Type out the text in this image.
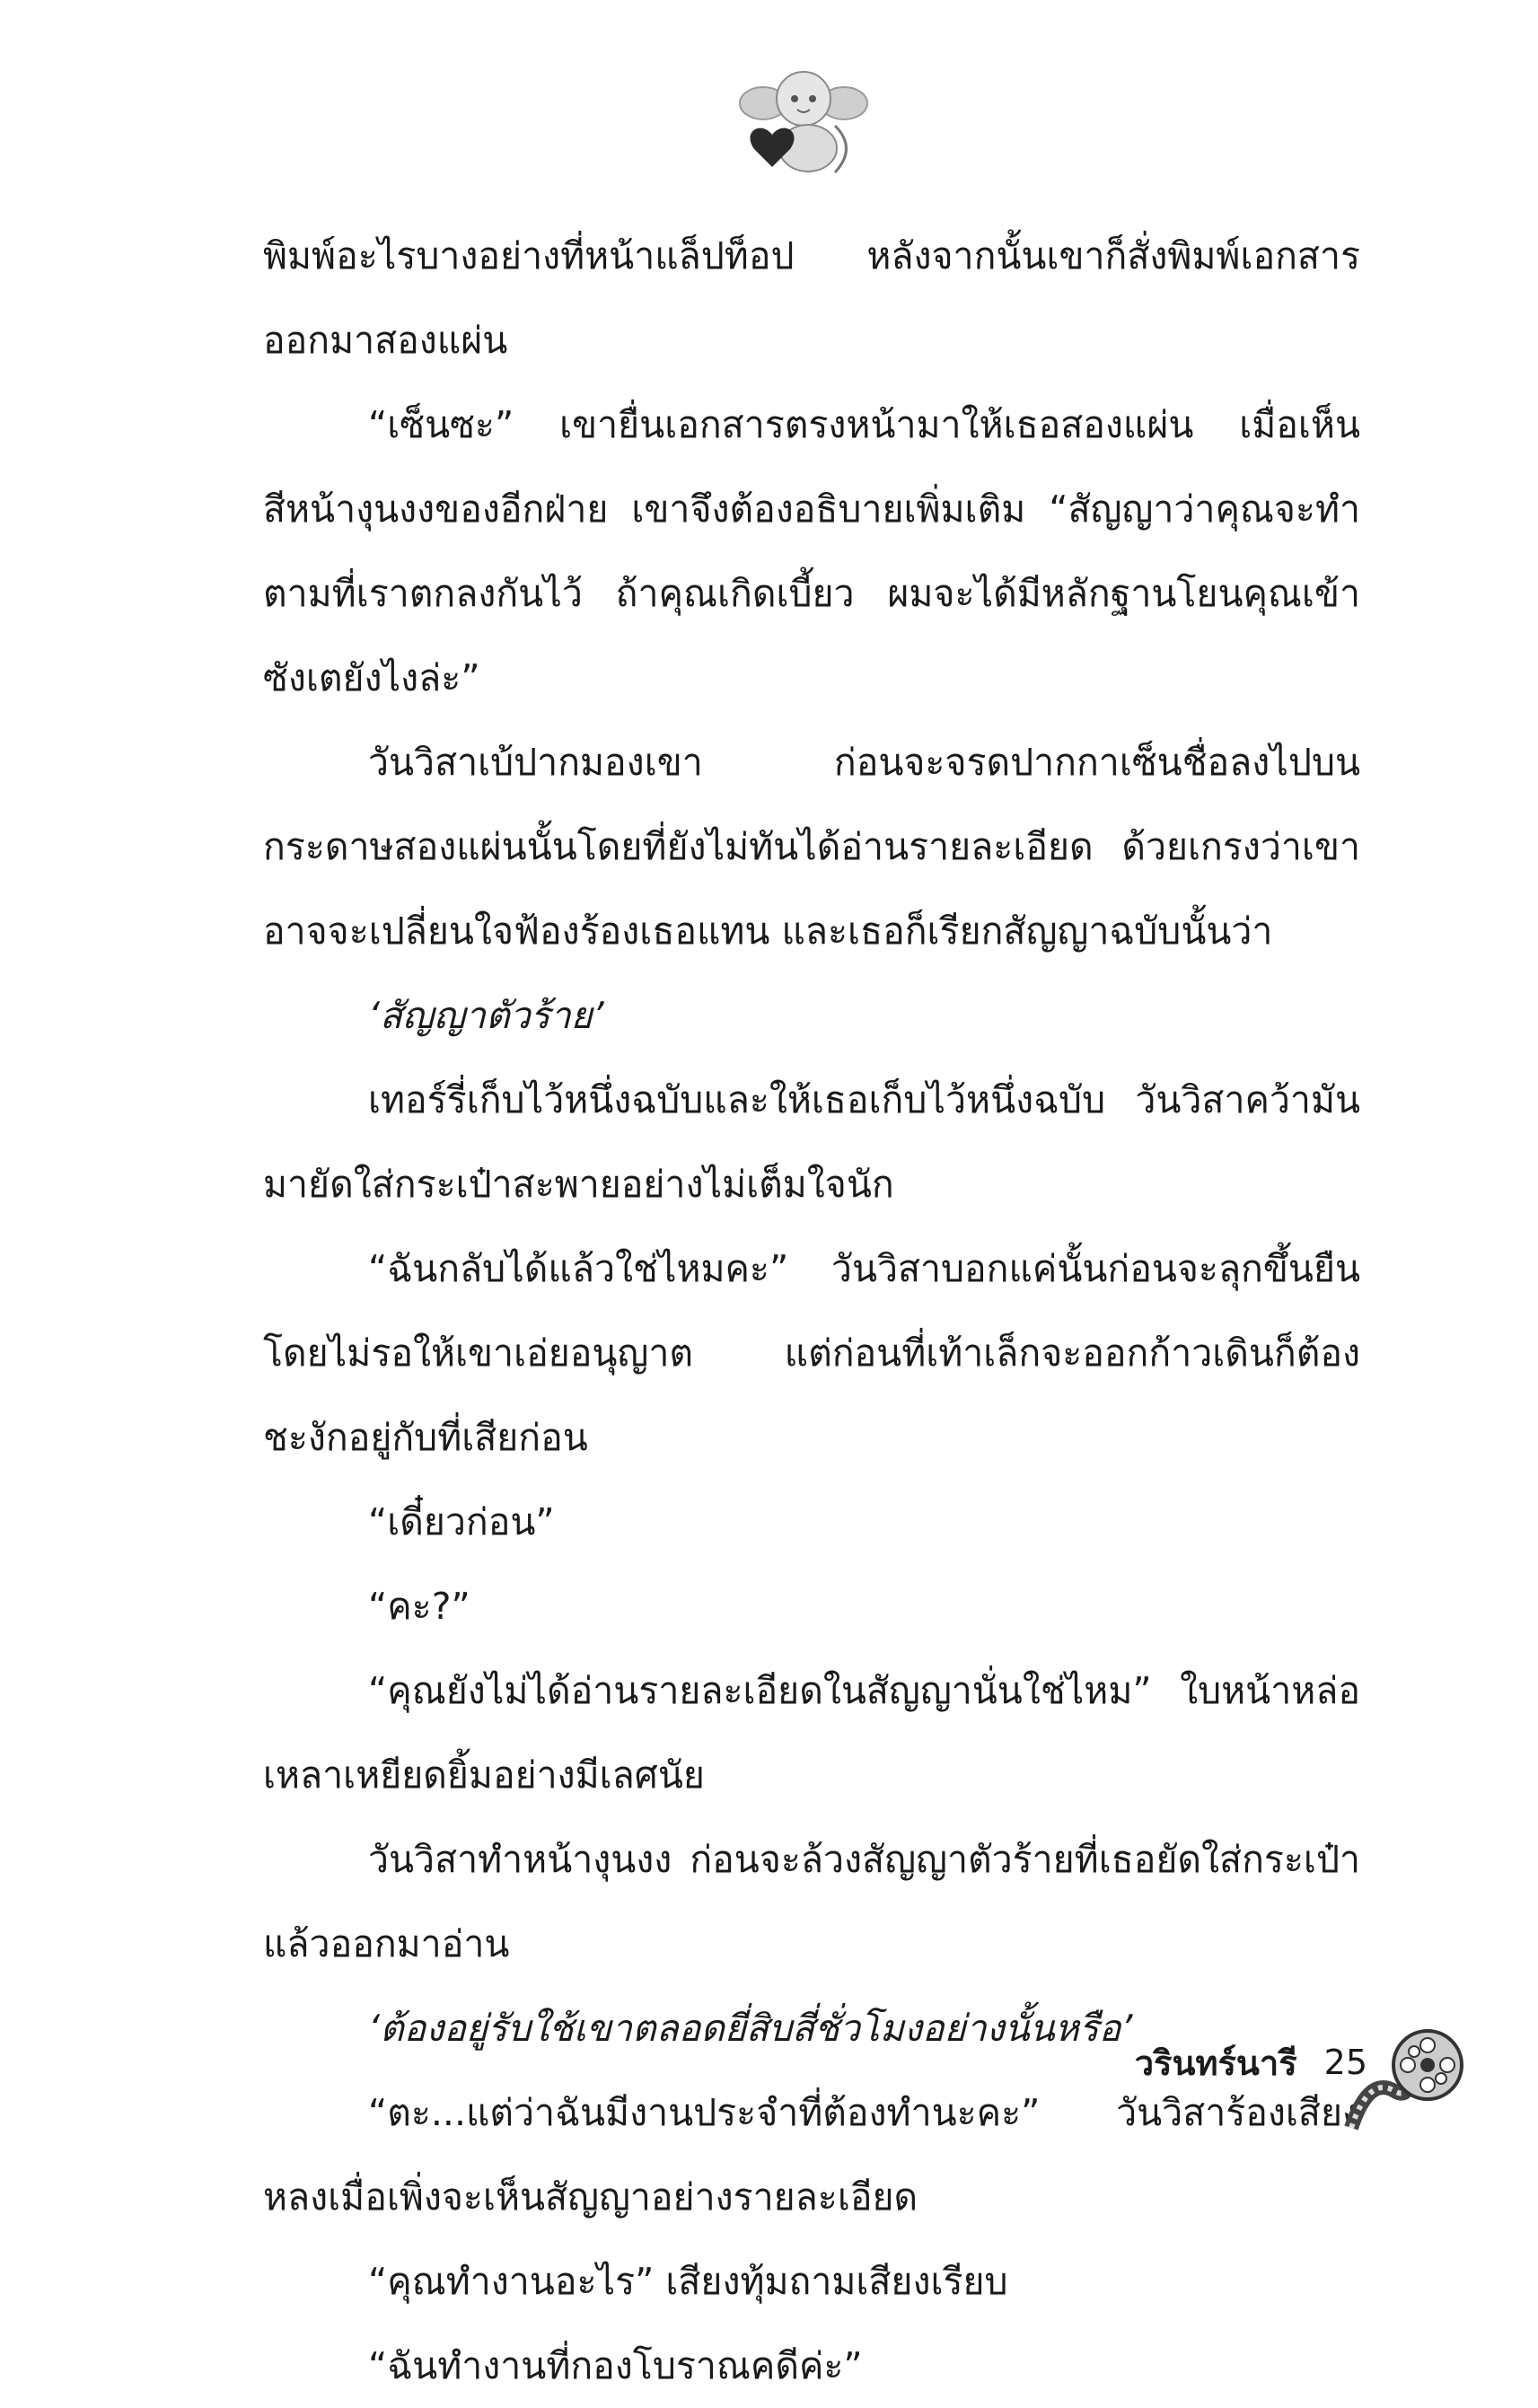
พิมพ์อะไรบางอย่างที่หน้าแล็ปท็อป หลังจากนั้นเขาก็สั่งพิมพ์เอกสารออกมาสองแผ่น

“เซ็นซะ” เขายื่นเอกสารตรงหน้ามาให้เธอสองแผ่น เมื่อเห็นสีหน้างุนงงของอีกฝ่าย เขาจึงต้องอธิบายเพิ่มเติม “สัญญาว่าคุณจะทำตามที่เราตกลงกันไว้ ถ้าคุณเกิดเบี้ยว ผมจะได้มีหลักฐานโยนคุณเข้าซังเตยังไงล่ะ”

วันวิสาเบ้ปากมองเขา ก่อนจะจรดปากกาเซ็นชื่อลงไปบนกระดาษสองแผ่นนั้นโดยที่ยังไม่ทันได้อ่านรายละเอียด ด้วยเกรงว่าเขาอาจจะเปลี่ยนใจฟ้องร้องเธอแทน และเธอก็เรียกสัญญาฉบับนั้นว่า

‘สัญญาตัวร้าย’

เทอร์รี่เก็บไว้หนึ่งฉบับและให้เธอเก็บไว้หนึ่งฉบับ วันวิสาคว้ามันมายัดใส่กระเป๋าสะพายอย่างไม่เต็มใจนัก

“ฉันกลับได้แล้วใช่ไหมคะ” วันวิสาบอกแค่นั้นก่อนจะลุกขึ้นยืนโดยไม่รอให้เขาเอ่ยอนุญาต แต่ก่อนที่เท้าเล็กจะออกก้าวเดินก็ต้องชะงักอยู่กับที่เสียก่อน

“เดี๋ยวก่อน”

“คะ?”

“คุณยังไม่ได้อ่านรายละเอียดในสัญญานั่นใช่ไหม” ใบหน้าหล่อเหลาเหยียดยิ้มอย่างมีเลศนัย

วันวิสาทำหน้างุนงง ก่อนจะล้วงสัญญาตัวร้ายที่เธอยัดใส่กระเป๋าแล้วออกมาอ่าน

‘ต้องอยู่รับใช้เขาตลอดยี่สิบสี่ชั่วโมงอย่างนั้นหรือ’

“ตะ...แต่ว่าฉันมีงานประจำที่ต้องทำนะคะ” วันวิสาร้องเสียงหลงเมื่อเพิ่งจะเห็นสัญญาอย่างรายละเอียด

“คุณทำงานอะไร” เสียงทุ้มถามเสียงเรียบ

“ฉันทำงานที่กองโบราณคดีค่ะ”

วรินทร์นารี 25
